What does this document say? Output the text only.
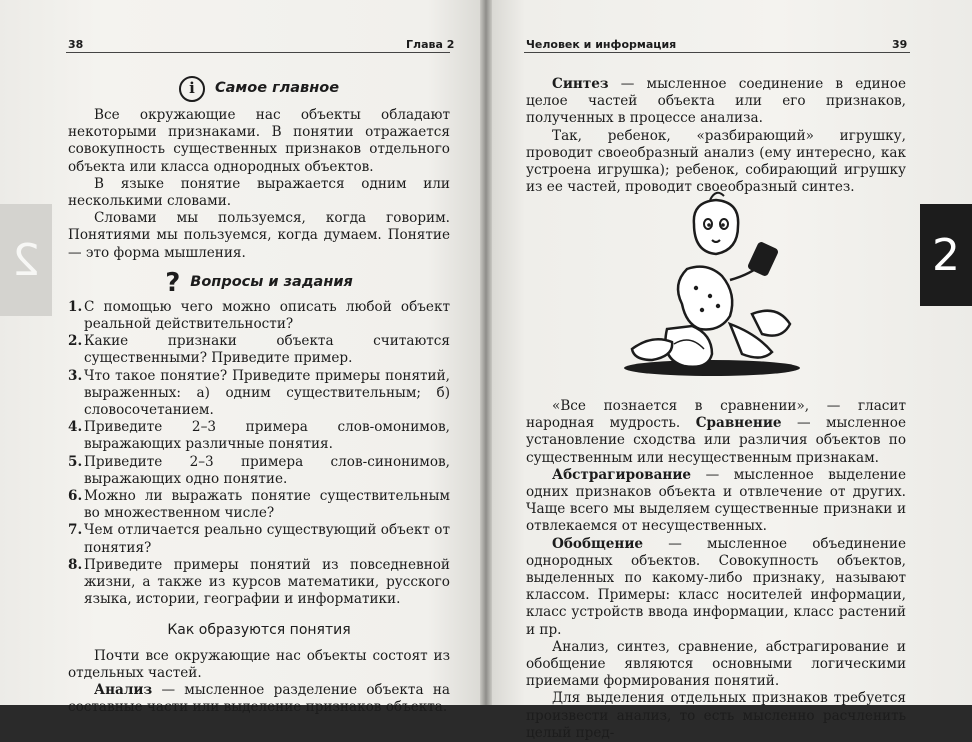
2
38	Глава 2
i	Самое главное

Все окружающие нас объекты обладают некоторыми признаками. В понятии отражается совокупность существенных признаков отдельного объекта или класса однородных объектов.

В языке понятие выражается одним или несколькими словами.

Словами мы пользуемся, когда говорим. Понятиями мы пользуемся, когда думаем. Понятие — это форма мышления.

? Вопросы и задания
1. С помощью чего можно описать любой объект реальной действительности?
2. Какие признаки объекта считаются существенными? Приведите пример.
3. Что такое понятие? Приведите примеры понятий, выраженных: а) одним существительным; б) словосочетанием.
4. Приведите 2–3 примера слов-омонимов, выражающих различные понятия.
5. Приведите 2–3 примера слов-синонимов, выражающих одно понятие.
6. Можно ли выражать понятие существительным во множественном числе?
7. Чем отличается реально существующий объект от понятия?
8. Приведите примеры понятий из повседневной жизни, а также из курсов математики, русского языка, истории, географии и информатики.
Как образуются понятия

Почти все окружающие нас объекты состоят из отдельных частей.

Анализ — мысленное разделение объекта на составные части или выделение признаков объекта.

Человек и информация	39
2

Синтез — мысленное соединение в единое целое частей объекта или его признаков, полученных в процессе анализа.

Так, ребенок, «разбирающий» игрушку, проводит своеобразный анализ (ему интересно, как устроена игрушка); ребенок, собирающий игрушку из ее частей, проводит своеобразный синтез.

«Все познается в сравнении», — гласит народная мудрость. Сравнение — мысленное установление сходства или различия объектов по существенным или несущественным признакам.

Абстрагирование — мысленное выделение одних признаков объекта и отвлечение от других. Чаще всего мы выделяем существенные признаки и отвлекаемся от несущественных.

Обобщение — мысленное объединение однородных объектов. Совокупность объектов, выделенных по какому-либо признаку, называют классом. Примеры: класс носителей информации, класс устройств ввода информации, класс растений и пр.

Анализ, синтез, сравнение, абстрагирование и обобщение являются основными логическими приемами формирования понятий.

Для выделения отдельных признаков требуется произвести анализ, то есть мысленно расчленить целый пред-
